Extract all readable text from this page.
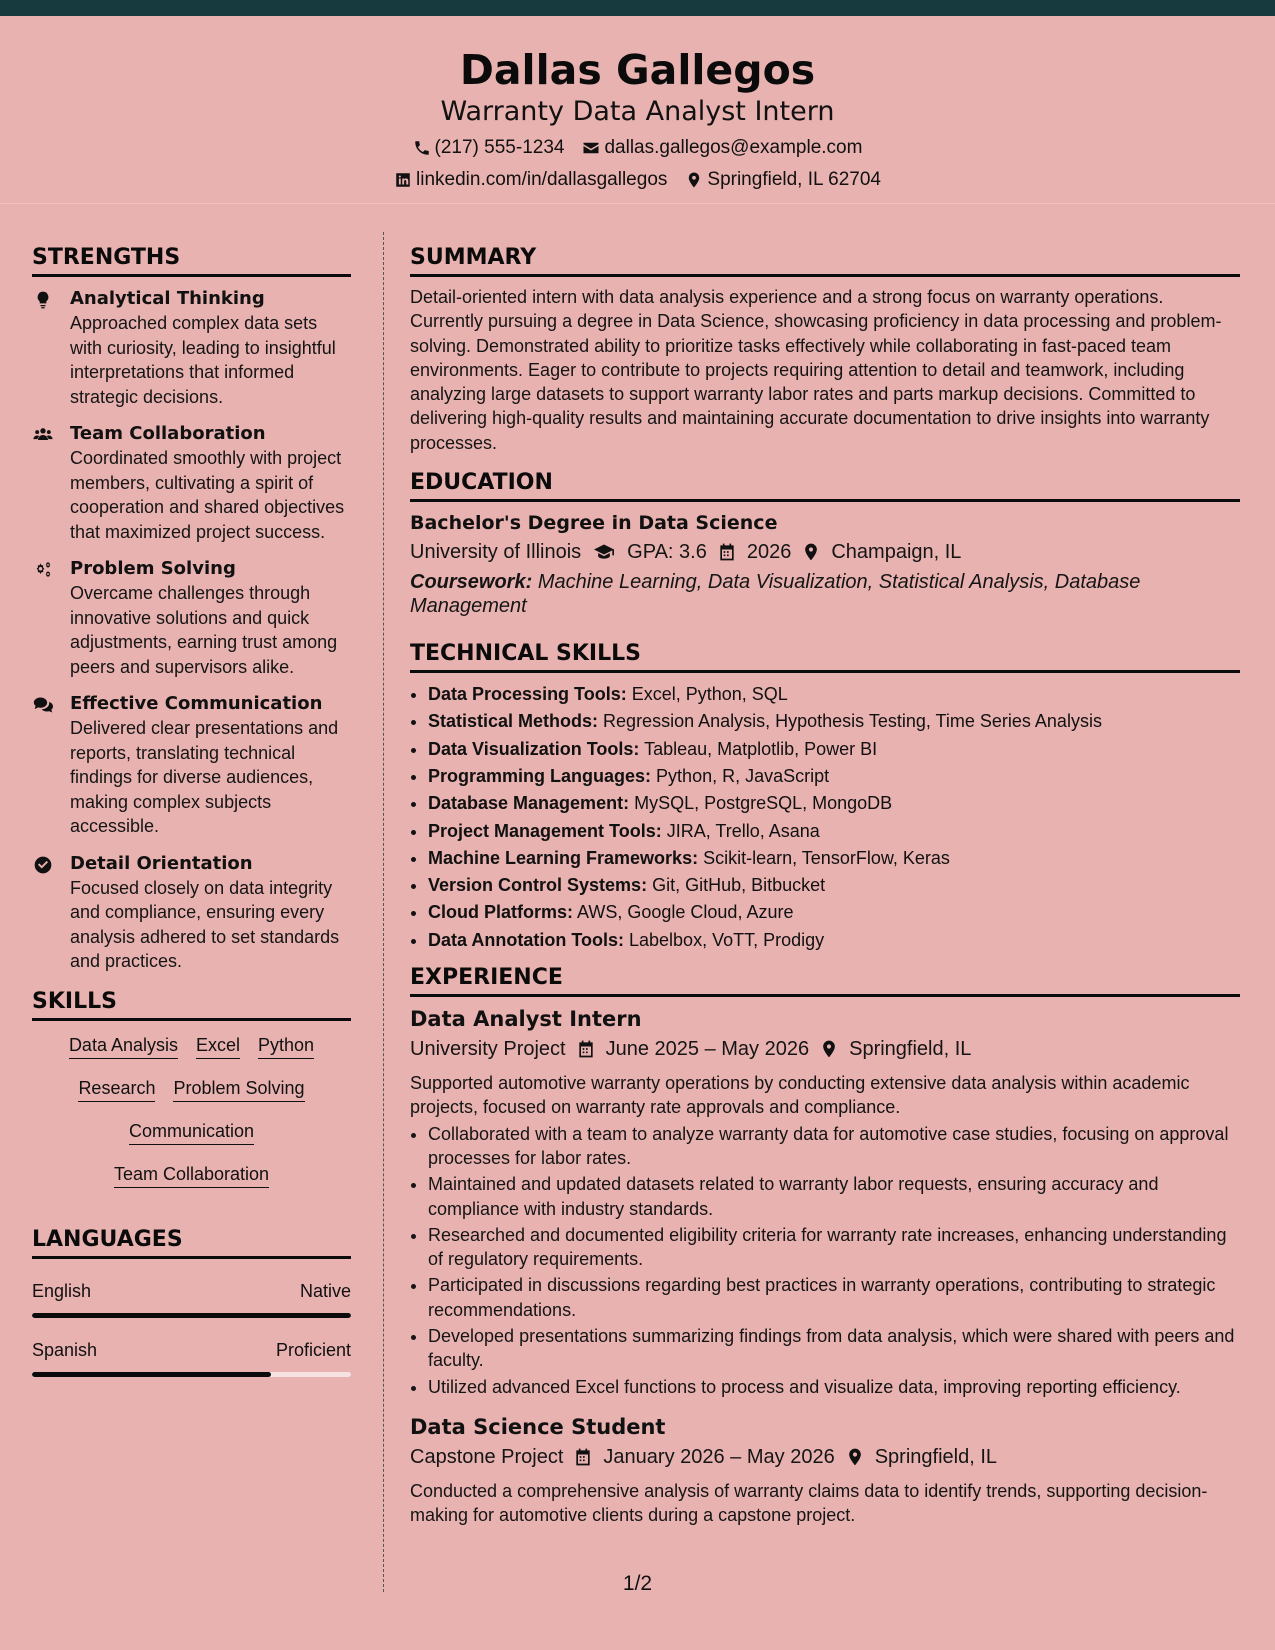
Dallas Gallegos
Warranty Data Analyst Intern
(217) 555-1234 dallas.gallegos@example.com
linkedin.com/in/dallasgallegos Springfield, IL 62704
STRENGTHS
Analytical Thinking
Approached complex data sets with curiosity, leading to insightful interpretations that informed strategic decisions.
Team Collaboration
Coordinated smoothly with project members, cultivating a spirit of cooperation and shared objectives that maximized project success.
Problem Solving
Overcame challenges through innovative solutions and quick adjustments, earning trust among peers and supervisors alike.
Effective Communication
Delivered clear presentations and reports, translating technical findings for diverse audiences, making complex subjects accessible.
Detail Orientation
Focused closely on data integrity and compliance, ensuring every analysis adhered to set standards and practices.
SKILLS
Data Analysis Excel Python
Research Problem Solving
Communication
Team Collaboration
LANGUAGES
English	Native
Spanish	Proficient
SUMMARY
Detail-oriented intern with data analysis experience and a strong focus on warranty operations. Currently pursuing a degree in Data Science, showcasing proficiency in data processing and problem-solving. Demonstrated ability to prioritize tasks effectively while collaborating in fast-paced team environments. Eager to contribute to projects requiring attention to detail and teamwork, including analyzing large datasets to support warranty labor rates and parts markup decisions. Committed to delivering high-quality results and maintaining accurate documentation to drive insights into warranty processes.
EDUCATION
Bachelor's Degree in Data Science
University of Illinois GPA: 3.6 2026 Champaign, IL
Coursework: Machine Learning, Data Visualization, Statistical Analysis, Database Management
TECHNICAL SKILLS
• Data Processing Tools: Excel, Python, SQL
• Statistical Methods: Regression Analysis, Hypothesis Testing, Time Series Analysis
• Data Visualization Tools: Tableau, Matplotlib, Power BI
• Programming Languages: Python, R, JavaScript
• Database Management: MySQL, PostgreSQL, MongoDB
• Project Management Tools: JIRA, Trello, Asana
• Machine Learning Frameworks: Scikit-learn, TensorFlow, Keras
• Version Control Systems: Git, GitHub, Bitbucket
• Cloud Platforms: AWS, Google Cloud, Azure
• Data Annotation Tools: Labelbox, VoTT, Prodigy
EXPERIENCE
Data Analyst Intern
University Project June 2025 – May 2026 Springfield, IL
Supported automotive warranty operations by conducting extensive data analysis within academic projects, focused on warranty rate approvals and compliance.
• Collaborated with a team to analyze warranty data for automotive case studies, focusing on approval processes for labor rates.
• Maintained and updated datasets related to warranty labor requests, ensuring accuracy and compliance with industry standards.
• Researched and documented eligibility criteria for warranty rate increases, enhancing understanding of regulatory requirements.
• Participated in discussions regarding best practices in warranty operations, contributing to strategic recommendations.
• Developed presentations summarizing findings from data analysis, which were shared with peers and faculty.
• Utilized advanced Excel functions to process and visualize data, improving reporting efficiency.
Data Science Student
Capstone Project January 2026 – May 2026 Springfield, IL
Conducted a comprehensive analysis of warranty claims data to identify trends, supporting decision-making for automotive clients during a capstone project.
1/2
